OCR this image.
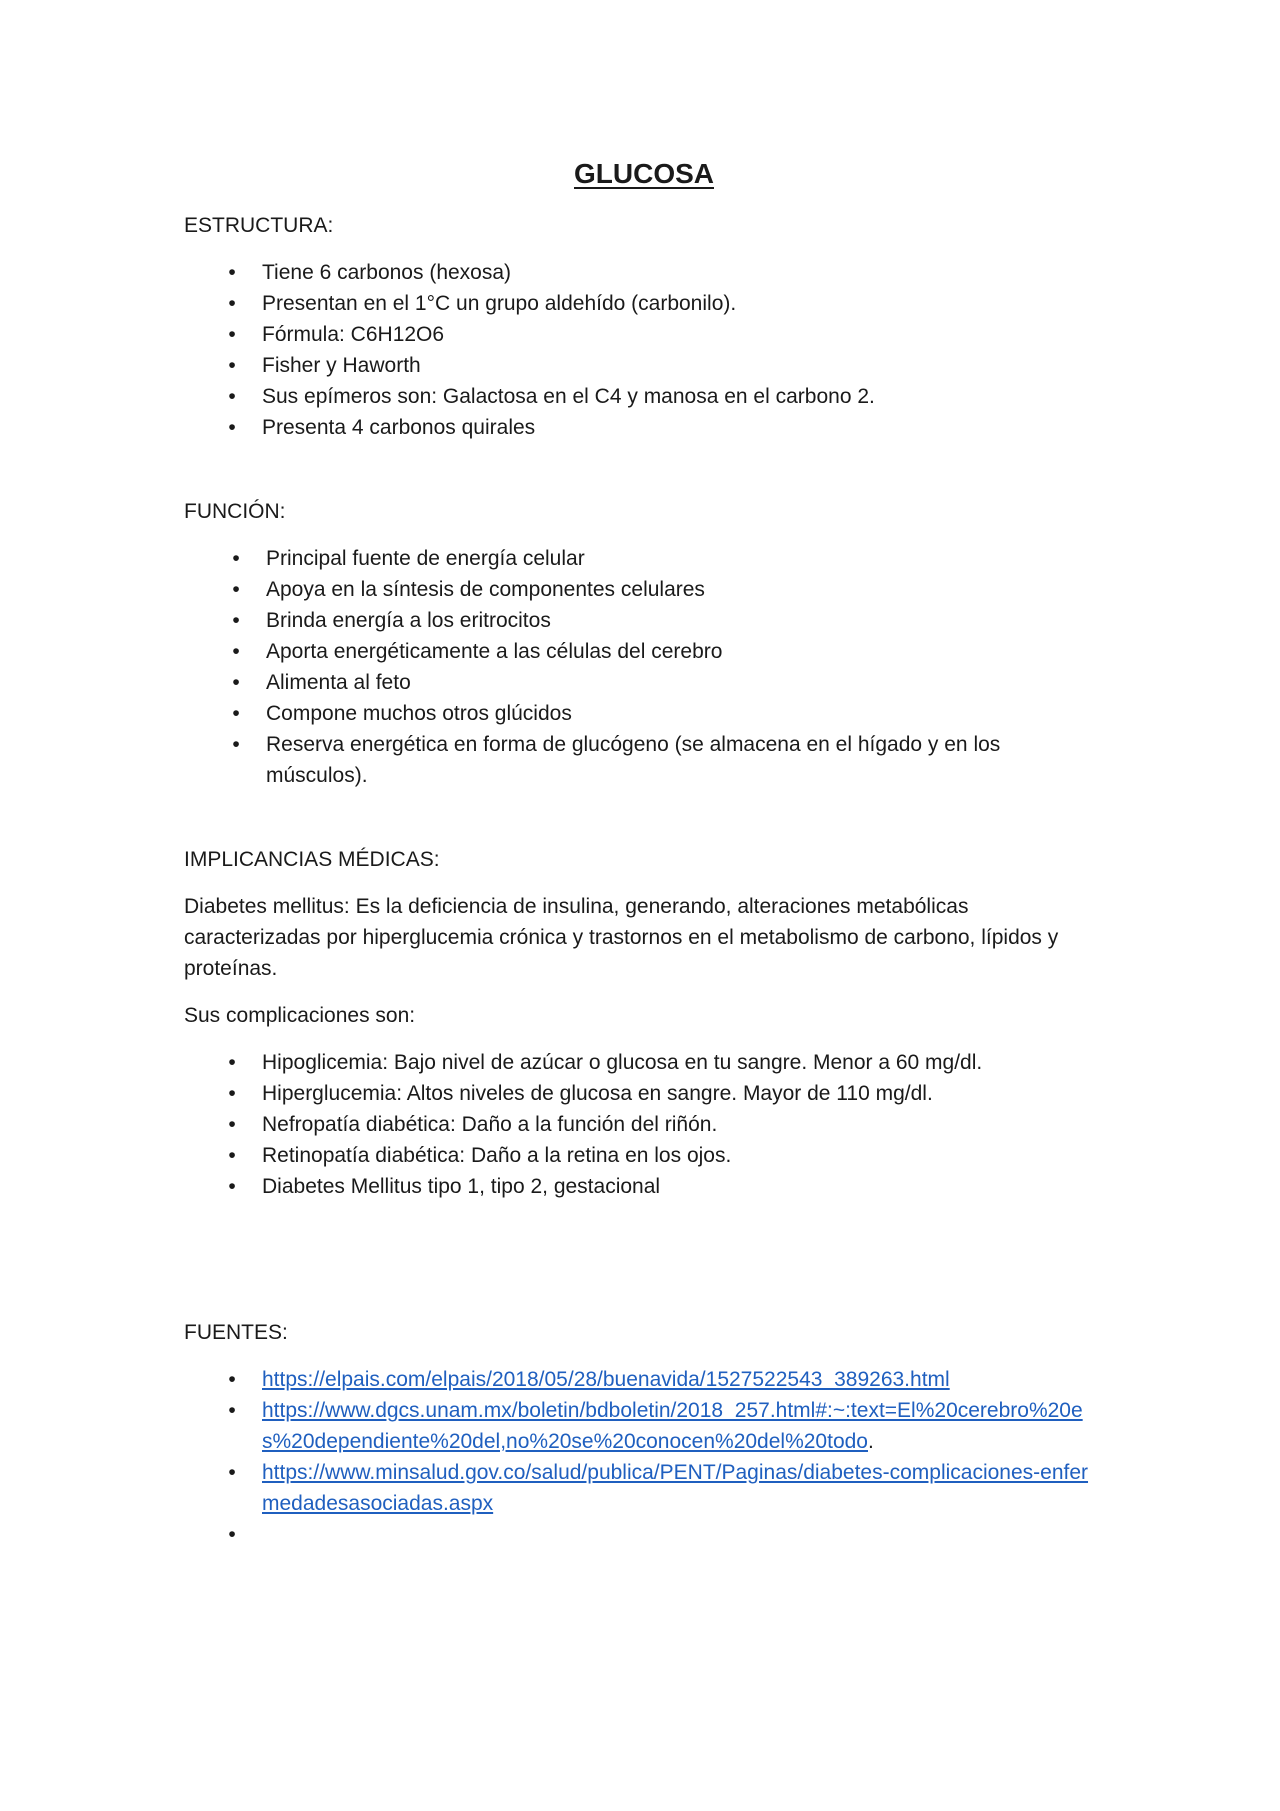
GLUCOSA
ESTRUCTURA:
•	Tiene 6 carbonos (hexosa)
•	Presentan en el 1°C un grupo aldehído (carbonilo).
•	Fórmula: C6H12O6
•	Fisher y Haworth
•	Sus epímeros son: Galactosa en el C4 y manosa en el carbono 2.
•	Presenta 4 carbonos quirales
FUNCIÓN:
•	Principal fuente de energía celular
•	Apoya en la síntesis de componentes celulares
•	Brinda energía a los eritrocitos
•	Aporta energéticamente a las células del cerebro
•	Alimenta al feto
•	Compone muchos otros glúcidos
•	Reserva energética en forma de glucógeno (se almacena en el hígado y en los músculos).
IMPLICANCIAS MÉDICAS:
Diabetes mellitus: Es la deficiencia de insulina, generando, alteraciones metabólicas caracterizadas por hiperglucemia crónica y trastornos en el metabolismo de carbono, lípidos y proteínas.
Sus complicaciones son:
•	Hipoglicemia: Bajo nivel de azúcar o glucosa en tu sangre. Menor a 60 mg/dl.
•	Hiperglucemia: Altos niveles de glucosa en sangre. Mayor de 110 mg/dl.
•	Nefropatía diabética: Daño a la función del riñón.
•	Retinopatía diabética: Daño a la retina en los ojos.
•	Diabetes Mellitus tipo 1, tipo 2, gestacional
FUENTES:
•	https://elpais.com/elpais/2018/05/28/buenavida/1527522543_389263.html
•	https://www.dgcs.unam.mx/boletin/bdboletin/2018_257.html#:~:text=El%20cerebro%20es%20dependiente%20del,no%20se%20conocen%20del%20todo.
•	https://www.minsalud.gov.co/salud/publica/PENT/Paginas/diabetes-complicaciones-enfermedadesasociadas.aspx
•
